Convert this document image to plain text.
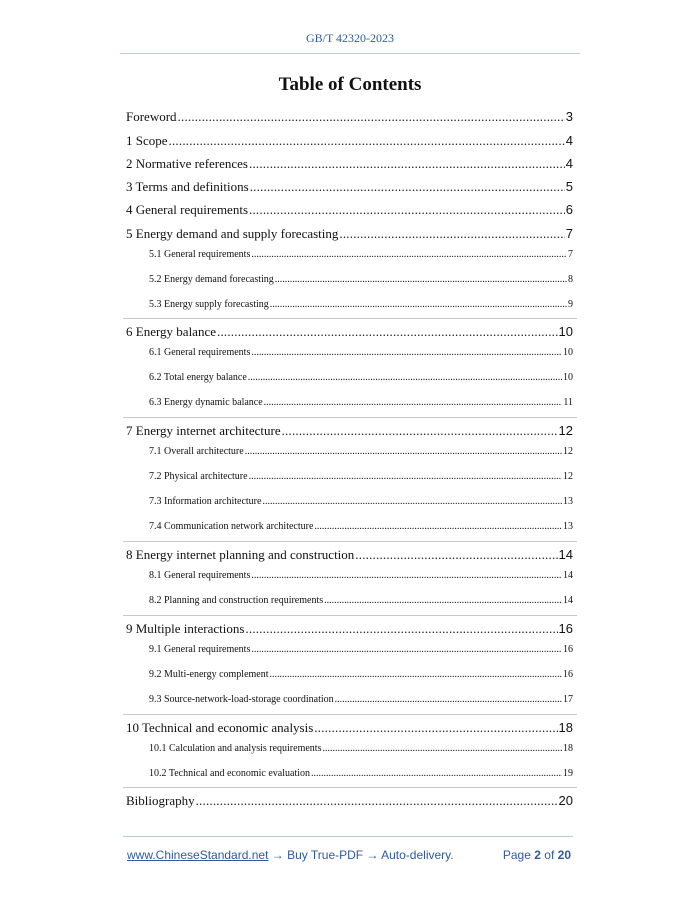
GB/T 42320-2023
Table of Contents
Foreword .....	3
1 Scope .....	4
2 Normative references .....	4
3 Terms and definitions .....	5
4 General requirements .....	6
5 Energy demand and supply forecasting .....	7
5.1 General requirements .....	7
5.2 Energy demand forecasting .....	8
5.3 Energy supply forecasting .....	9
6 Energy balance .....	10
6.1 General requirements .....	10
6.2 Total energy balance .....	10
6.3 Energy dynamic balance .....	11
7 Energy internet architecture .....	12
7.1 Overall architecture .....	12
7.2 Physical architecture .....	12
7.3 Information architecture .....	13
7.4 Communication network architecture .....	13
8 Energy internet planning and construction .....	14
8.1 General requirements .....	14
8.2 Planning and construction requirements .....	14
9 Multiple interactions .....	16
9.1 General requirements .....	16
9.2 Multi-energy complement .....	16
9.3 Source-network-load-storage coordination .....	17
10 Technical and economic analysis .....	18
10.1 Calculation and analysis requirements .....	18
10.2 Technical and economic evaluation .....	19
Bibliography .....	20
www.ChineseStandard.net → Buy True-PDF → Auto-delivery.	Page 2 of 20
